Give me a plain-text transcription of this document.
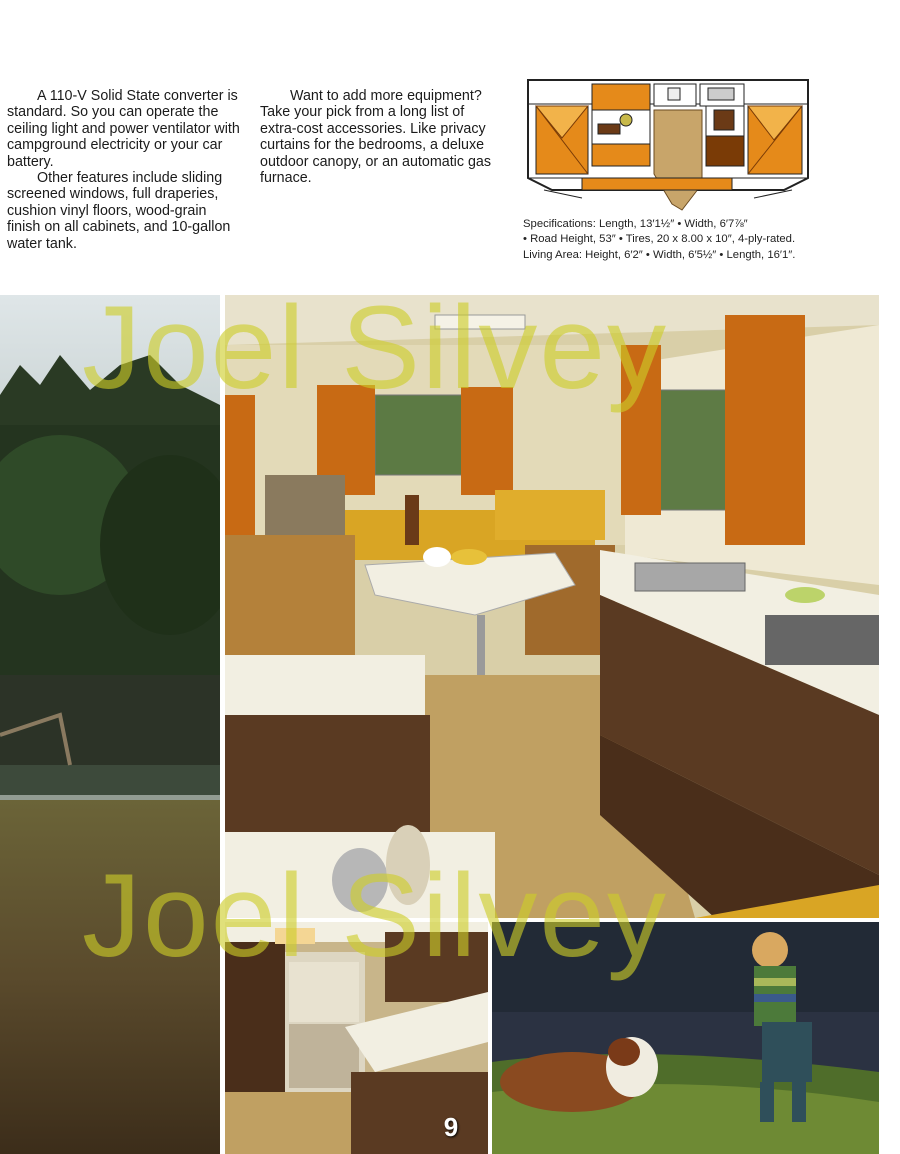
A 110-V Solid State converter is standard. So you can operate the ceiling light and power ventilator with campground electricity or your car battery.

Other features include sliding screened windows, full draperies, cushion vinyl floors, wood-grain finish on all cabinets, and 10-gallon water tank.

Want to add more equipment? Take your pick from a long list of extra-cost accessories. Like privacy curtains for the bedrooms, a deluxe outdoor canopy, or an automatic gas furnace.

Specifications: Length, 13′1½″ • Width, 6′7⅞″
• Road Height, 53″ • Tires, 20 x 8.00 x 10″, 4-ply-rated.
Living Area: Height, 6′2″ • Width, 6′5½″ • Length, 16′1″.
9
Joel Silvey
Joel Silvey
